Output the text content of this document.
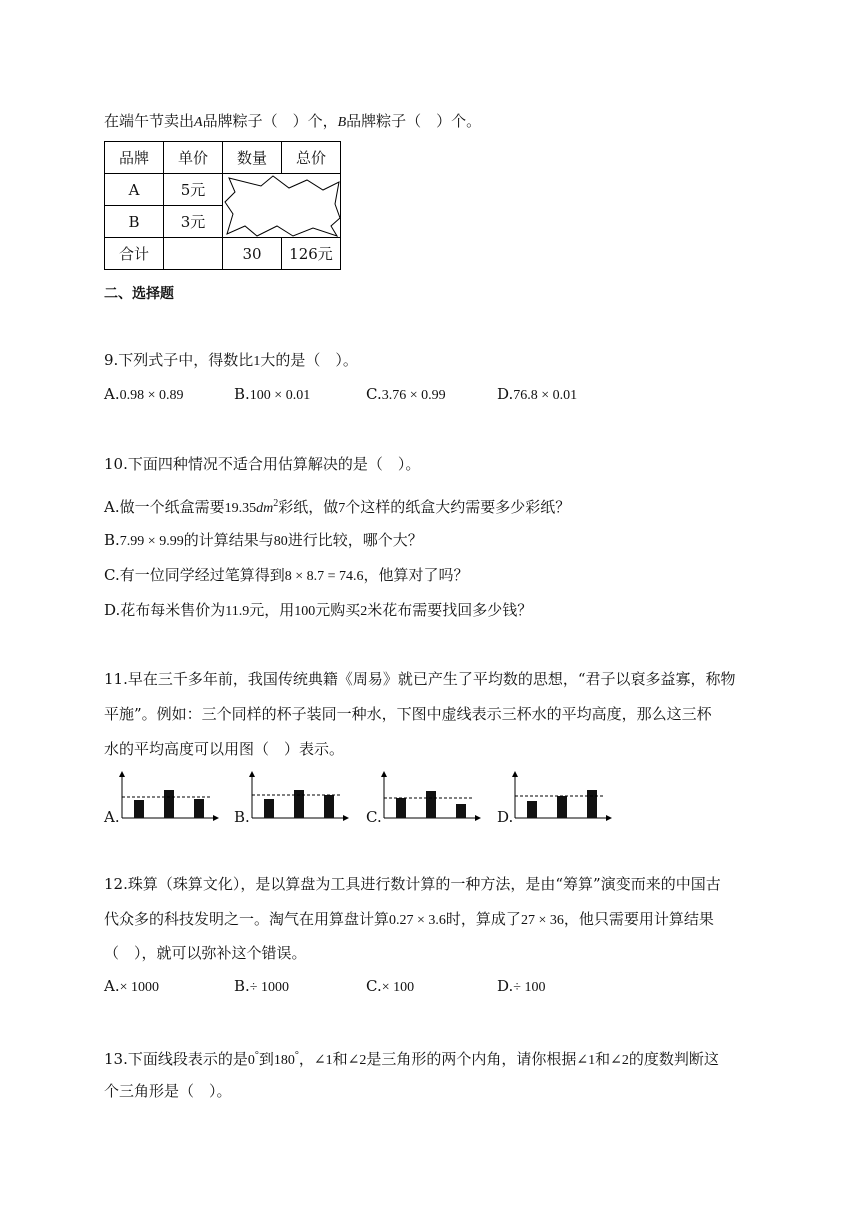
在端午节卖出A品牌粽子（　）个，B品牌粽子（　）个。
品牌	单价	数量	总价
A	5元	

B	3元		
合计		30	126元
二、选择题
9.下列式子中，得数比1大的是（　）。
A.0.98 × 0.89	B.100 × 0.01	C.3.76 × 0.99	D.76.8 × 0.01
10.下面四种情况不适合用估算解决的是（　）。
A.做一个纸盒需要$19.35dm^2$彩纸，做7个这样的纸盒大约需要多少彩纸？
B.7.99 × 9.99的计算结果与80进行比较，哪个大？
C.有一位同学经过笔算得到8 × 8.7 = 74.6，他算对了吗？
D.花布每米售价为11.9元，用100元购买2米花布需要找回多少钱？
11.早在三千多年前，我国传统典籍《周易》就已产生了平均数的思想，“君子以裒多益寡，称物
平施”。例如：三个同样的杯子装同一种水，下图中虚线表示三杯水的平均高度，那么这三杯
水的平均高度可以用图（　）表示。
A.	B.	C.	D.
12.珠算（珠算文化），是以算盘为工具进行数计算的一种方法，是由“筹算”演变而来的中国古
代众多的科技发明之一。淘气在用算盘计算0.27 × 3.6时，算成了27 × 36，他只需要用计算结果
（　），就可以弥补这个错误。
A.× 1000	B.÷ 1000	C.× 100	D.÷ 100
13.下面线段表示的是0°到180°，∠1和∠2是三角形的两个内角，请你根据∠1和∠2的度数判断这
个三角形是（　）。
